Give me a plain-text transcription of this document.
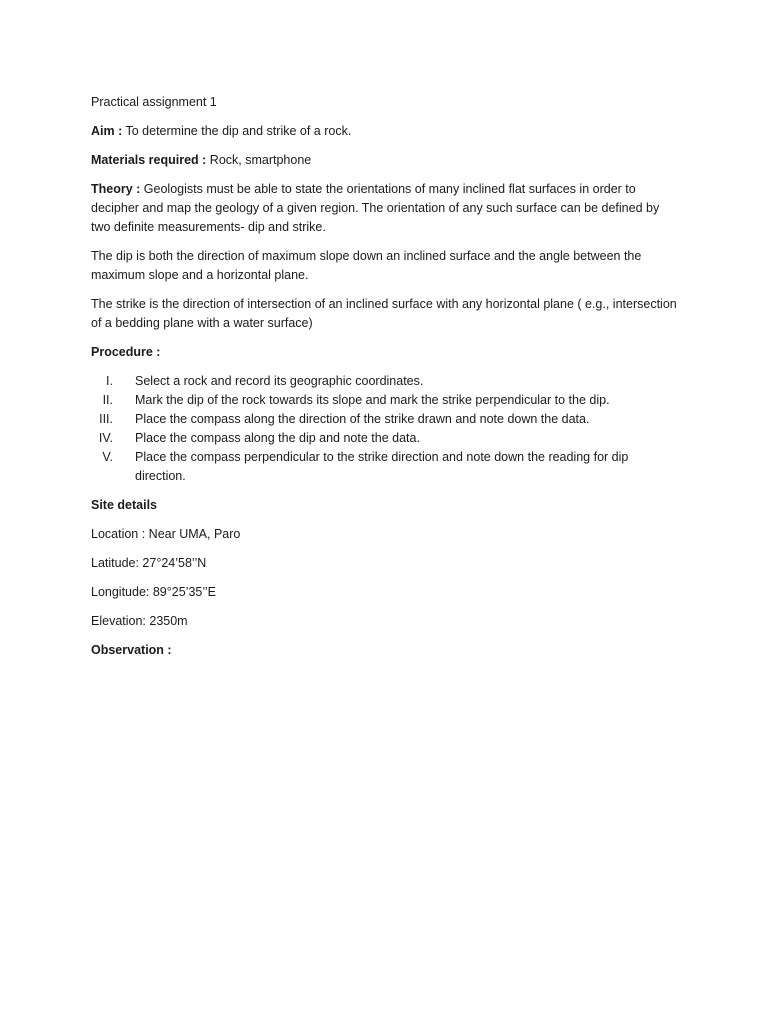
Practical assignment 1

Aim : To determine the dip and strike of a rock.

Materials required : Rock, smartphone

Theory : Geologists must be able to state the orientations of many inclined flat surfaces in order to decipher and map the geology of a given region. The orientation of any such surface can be defined by two definite measurements- dip and strike.

The dip is both the direction of maximum slope down an inclined surface and the angle between the maximum slope and a horizontal plane.

The strike is the direction of intersection of an inclined surface with any horizontal plane ( e.g., intersection of a bedding plane with a water surface)

Procedure :

I. Select a rock and record its geographic coordinates.
II. Mark the dip of the rock towards its slope and mark the strike perpendicular to the dip.
III. Place the compass along the direction of the strike drawn and note down the data.
IV. Place the compass along the dip and note the data.
V. Place the compass perpendicular to the strike direction and note down the reading for dip direction.

Site details

Location : Near UMA, Paro

Latitude: 27°24’58’’N

Longitude: 89°25’35’’E

Elevation: 2350m

Observation :
